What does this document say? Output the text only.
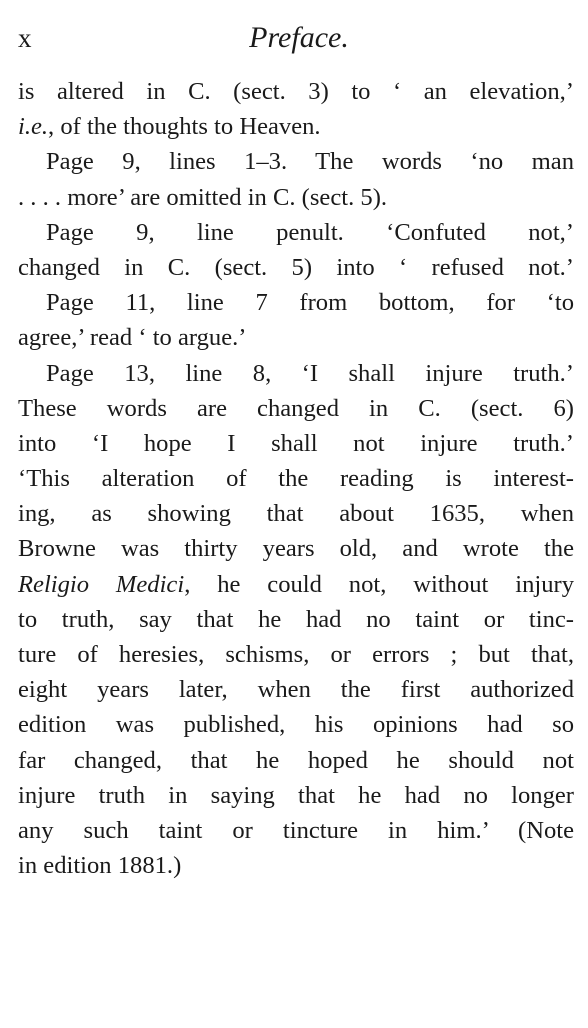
x	Preface.
is altered in C. (sect. 3) to ‘ an elevation,’
i.e., of the thoughts to Heaven.
Page 9, lines 1–3. The words ‘no man
. . . . more’ are omitted in C. (sect. 5).
Page 9, line penult. ‘Confuted not,’
changed in C. (sect. 5) into ‘ refused not.’
Page 11, line 7 from bottom, for ‘to
agree,’ read ‘ to argue.’
Page 13, line 8, ‘I shall injure truth.’
These words are changed in C. (sect. 6)
into ‘I hope I shall not injure truth.’
‘This alteration of the reading is interest-
ing, as showing that about 1635, when
Browne was thirty years old, and wrote the
Religio Medici, he could not, without injury
to truth, say that he had no taint or tinc-
ture of heresies, schisms, or errors ; but that,
eight years later, when the first authorized
edition was published, his opinions had so
far changed, that he hoped he should not
injure truth in saying that he had no longer
any such taint or tincture in him.’ (Note
in edition 1881.)
